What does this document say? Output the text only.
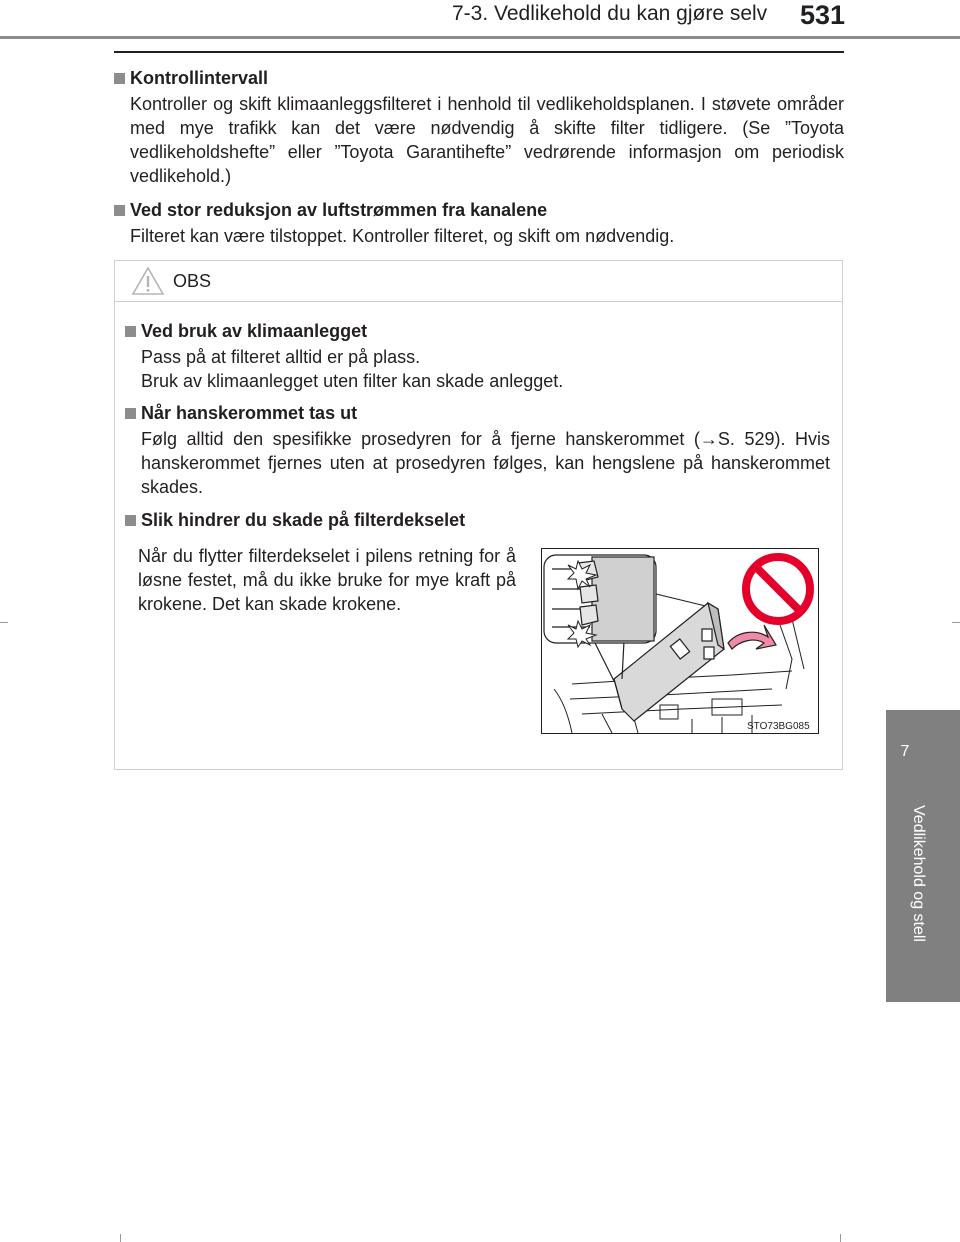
7-3. Vedlikehold du kan gjøre selv 531
7
Vedlikehold og stell
Kontrollintervall
Kontroller og skift klimaanleggsfilteret i henhold til vedlikeholdsplanen. I støvete områder med mye trafikk kan det være nødvendig å skifte filter tidligere. (Se ”Toyota vedlikeholdshefte” eller ”Toyota Garantihefte” vedrørende informasjon om periodisk vedlikehold.)
Ved stor reduksjon av luftstrømmen fra kanalene
Filteret kan være tilstoppet. Kontroller filteret, og skift om nødvendig.
OBS
Ved bruk av klimaanlegget
Pass på at filteret alltid er på plass.
Bruk av klimaanlegget uten filter kan skade anlegget.
Når hanskerommet tas ut
Følg alltid den spesifikke prosedyren for å fjerne hanskerommet (→S. 529). Hvis hanskerommet fjernes uten at prosedyren følges, kan hengslene på hanskerommet skades.
Slik hindrer du skade på filterdekselet
Når du flytter filterdekselet i pilens retning for å løsne festet, må du ikke bruke for mye kraft på krokene. Det kan skade krokene.
STO73BG085
